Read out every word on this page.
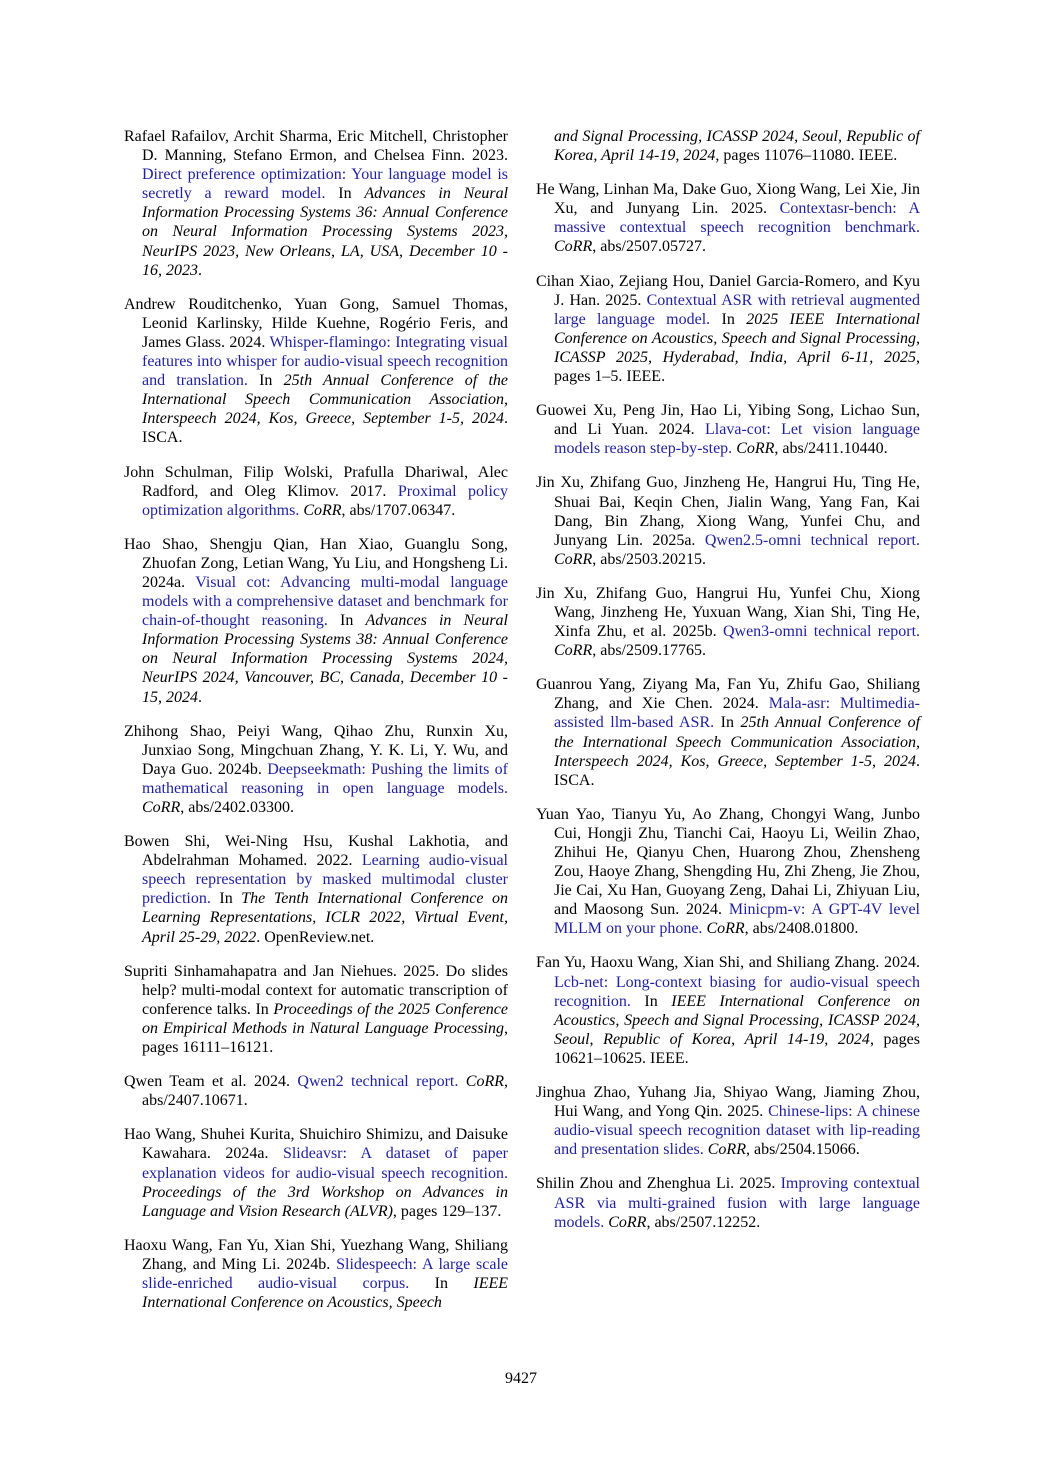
Rafael Rafailov, Archit Sharma, Eric Mitchell, Christopher D. Manning, Stefano Ermon, and Chelsea Finn. 2023. Direct preference optimization: Your language model is secretly a reward model. In Advances in Neural Information Processing Systems 36: Annual Conference on Neural Information Processing Systems 2023, NeurIPS 2023, New Orleans, LA, USA, December 10 - 16, 2023.

Andrew Rouditchenko, Yuan Gong, Samuel Thomas, Leonid Karlinsky, Hilde Kuehne, Rogério Feris, and James Glass. 2024. Whisper-flamingo: Integrating visual features into whisper for audio-visual speech recognition and translation. In 25th Annual Conference of the International Speech Communication Association, Interspeech 2024, Kos, Greece, September 1-5, 2024. ISCA.

John Schulman, Filip Wolski, Prafulla Dhariwal, Alec Radford, and Oleg Klimov. 2017. Proximal policy optimization algorithms. CoRR, abs/1707.06347.

Hao Shao, Shengju Qian, Han Xiao, Guanglu Song, Zhuofan Zong, Letian Wang, Yu Liu, and Hongsheng Li. 2024a. Visual cot: Advancing multi-modal language models with a comprehensive dataset and benchmark for chain-of-thought reasoning. In Advances in Neural Information Processing Systems 38: Annual Conference on Neural Information Processing Systems 2024, NeurIPS 2024, Vancouver, BC, Canada, December 10 - 15, 2024.

Zhihong Shao, Peiyi Wang, Qihao Zhu, Runxin Xu, Junxiao Song, Mingchuan Zhang, Y. K. Li, Y. Wu, and Daya Guo. 2024b. Deepseekmath: Pushing the limits of mathematical reasoning in open language models. CoRR, abs/2402.03300.

Bowen Shi, Wei-Ning Hsu, Kushal Lakhotia, and Abdelrahman Mohamed. 2022. Learning audio-visual speech representation by masked multimodal cluster prediction. In The Tenth International Conference on Learning Representations, ICLR 2022, Virtual Event, April 25-29, 2022. OpenReview.net.

Supriti Sinhamahapatra and Jan Niehues. 2025. Do slides help? multi-modal context for automatic transcription of conference talks. In Proceedings of the 2025 Conference on Empirical Methods in Natural Language Processing, pages 16111–16121.

Qwen Team et al. 2024. Qwen2 technical report. CoRR, abs/2407.10671.

Hao Wang, Shuhei Kurita, Shuichiro Shimizu, and Daisuke Kawahara. 2024a. Slideavsr: A dataset of paper explanation videos for audio-visual speech recognition. Proceedings of the 3rd Workshop on Advances in Language and Vision Research (ALVR), pages 129–137.

Haoxu Wang, Fan Yu, Xian Shi, Yuezhang Wang, Shiliang Zhang, and Ming Li. 2024b. Slidespeech: A large scale slide-enriched audio-visual corpus. In IEEE International Conference on Acoustics, Speech

and Signal Processing, ICASSP 2024, Seoul, Republic of Korea, April 14-19, 2024, pages 11076–11080. IEEE.

He Wang, Linhan Ma, Dake Guo, Xiong Wang, Lei Xie, Jin Xu, and Junyang Lin. 2025. Contextasr-bench: A massive contextual speech recognition benchmark. CoRR, abs/2507.05727.

Cihan Xiao, Zejiang Hou, Daniel Garcia-Romero, and Kyu J. Han. 2025. Contextual ASR with retrieval augmented large language model. In 2025 IEEE International Conference on Acoustics, Speech and Signal Processing, ICASSP 2025, Hyderabad, India, April 6-11, 2025, pages 1–5. IEEE.

Guowei Xu, Peng Jin, Hao Li, Yibing Song, Lichao Sun, and Li Yuan. 2024. Llava-cot: Let vision language models reason step-by-step. CoRR, abs/2411.10440.

Jin Xu, Zhifang Guo, Jinzheng He, Hangrui Hu, Ting He, Shuai Bai, Keqin Chen, Jialin Wang, Yang Fan, Kai Dang, Bin Zhang, Xiong Wang, Yunfei Chu, and Junyang Lin. 2025a. Qwen2.5-omni technical report. CoRR, abs/2503.20215.

Jin Xu, Zhifang Guo, Hangrui Hu, Yunfei Chu, Xiong Wang, Jinzheng He, Yuxuan Wang, Xian Shi, Ting He, Xinfa Zhu, et al. 2025b. Qwen3-omni technical report. CoRR, abs/2509.17765.

Guanrou Yang, Ziyang Ma, Fan Yu, Zhifu Gao, Shiliang Zhang, and Xie Chen. 2024. Mala-asr: Multimedia-assisted llm-based ASR. In 25th Annual Conference of the International Speech Communication Association, Interspeech 2024, Kos, Greece, September 1-5, 2024. ISCA.

Yuan Yao, Tianyu Yu, Ao Zhang, Chongyi Wang, Junbo Cui, Hongji Zhu, Tianchi Cai, Haoyu Li, Weilin Zhao, Zhihui He, Qianyu Chen, Huarong Zhou, Zhensheng Zou, Haoye Zhang, Shengding Hu, Zhi Zheng, Jie Zhou, Jie Cai, Xu Han, Guoyang Zeng, Dahai Li, Zhiyuan Liu, and Maosong Sun. 2024. Minicpm-v: A GPT-4V level MLLM on your phone. CoRR, abs/2408.01800.

Fan Yu, Haoxu Wang, Xian Shi, and Shiliang Zhang. 2024. Lcb-net: Long-context biasing for audio-visual speech recognition. In IEEE International Conference on Acoustics, Speech and Signal Processing, ICASSP 2024, Seoul, Republic of Korea, April 14-19, 2024, pages 10621–10625. IEEE.

Jinghua Zhao, Yuhang Jia, Shiyao Wang, Jiaming Zhou, Hui Wang, and Yong Qin. 2025. Chinese-lips: A chinese audio-visual speech recognition dataset with lip-reading and presentation slides. CoRR, abs/2504.15066.

Shilin Zhou and Zhenghua Li. 2025. Improving contextual ASR via multi-grained fusion with large language models. CoRR, abs/2507.12252.

9427
